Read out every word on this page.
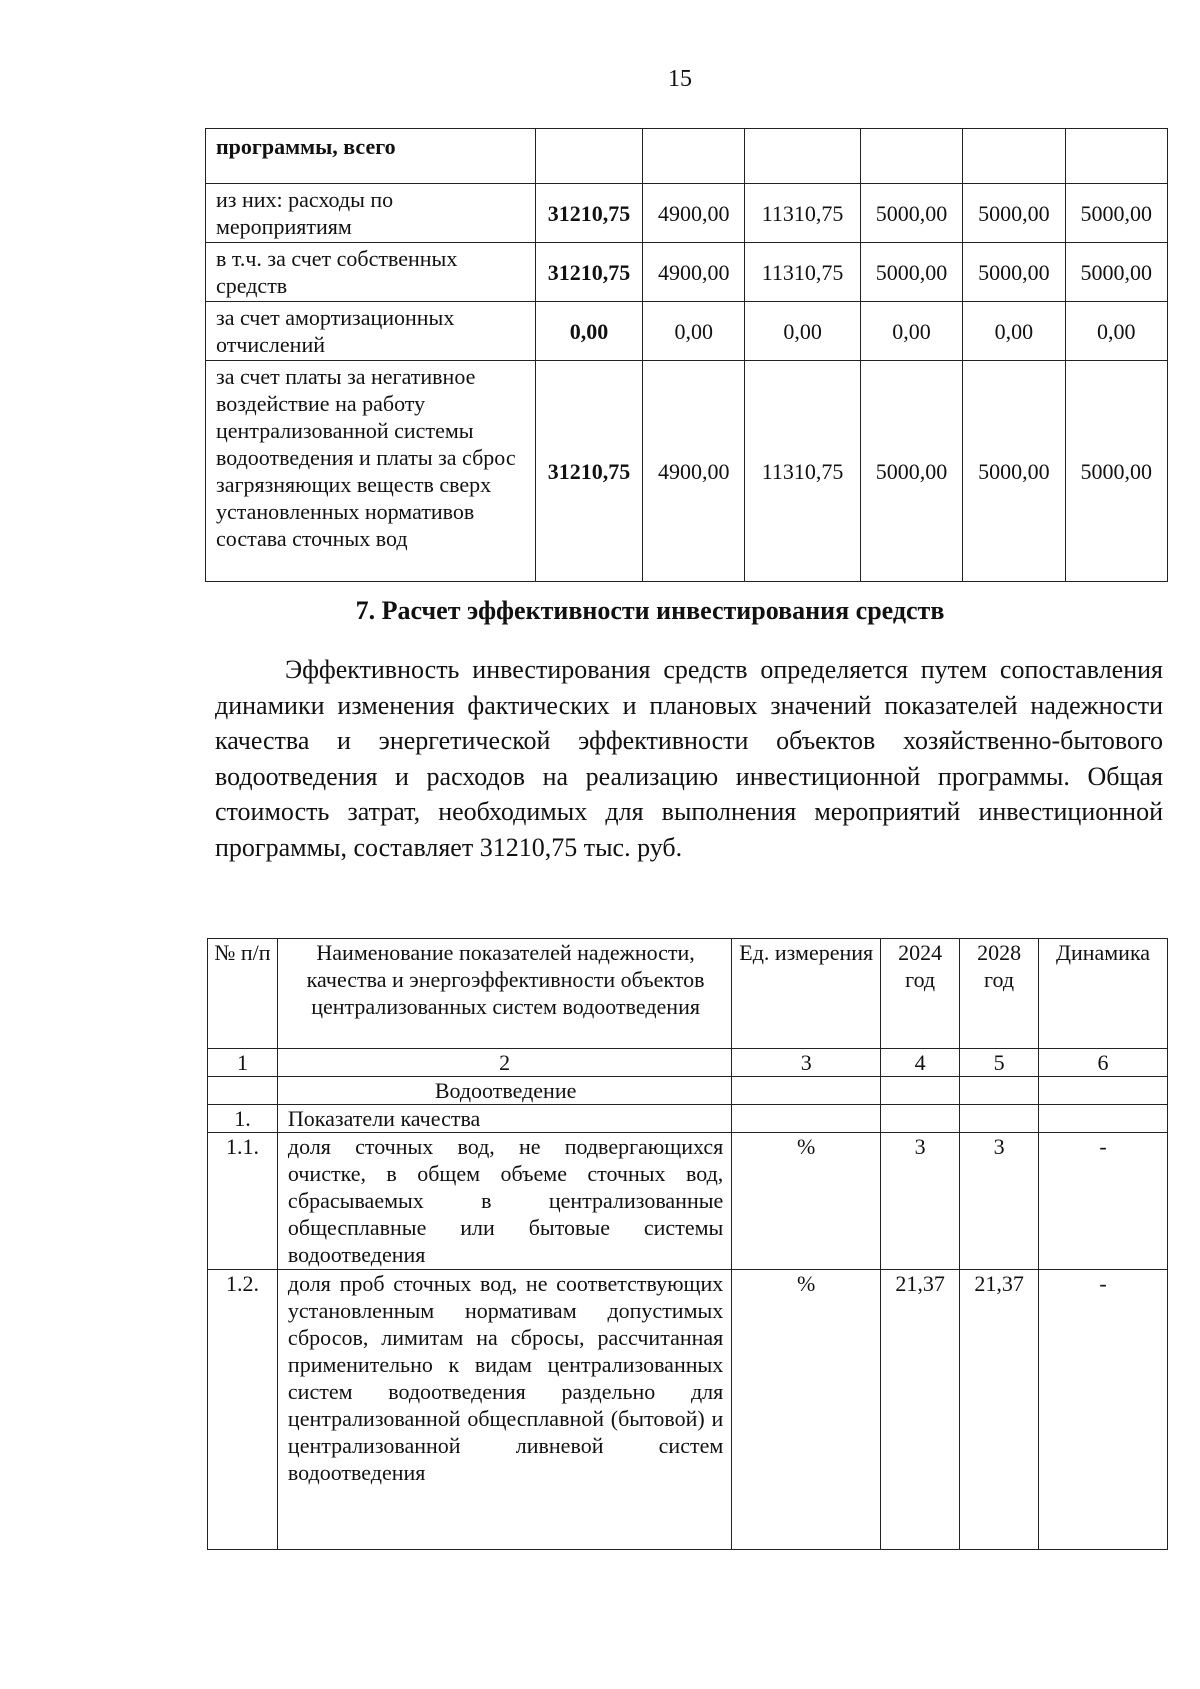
15
программы, всего						
из них: расходы по мероприятиям	31210,75	4900,00	11310,75	5000,00	5000,00	5000,00
в т.ч. за счет собственных средств	31210,75	4900,00	11310,75	5000,00	5000,00	5000,00
за счет амортизационных отчислений	0,00	0,00	0,00	0,00	0,00	0,00
за счет платы за негативное воздействие на работу централизованной системы водоотведения и платы за сброс загрязняющих веществ сверх установленных нормативов состава сточных вод	31210,75	4900,00	11310,75	5000,00	5000,00	5000,00
7. Расчет эффективности инвестирования средств

Эффективность инвестирования средств определяется путем сопоставления динамики изменения фактических и плановых значений показателей надежности качества и энергетической эффективности объектов хозяйственно-бытового водоотведения и расходов на реализацию инвестиционной программы. Общая стоимость затрат, необходимых для выполнения мероприятий инвестиционной программы, составляет 31210,75 тыс. руб.

№ п/п	Наименование показателей надежности, качества и энергоэффективности объектов централизованных систем водоотведения	Ед. измерения	2024 год	2028 год	Динамика
1	2	3	4	5	6
	Водоотведение				
1.	Показатели качества				
1.1.	доля сточных вод, не подвергающихся очистке, в общем объеме сточных вод, сбрасываемых в централизованные общесплавные или бытовые системы водоотведения	%	3	3	-
1.2.	доля проб сточных вод, не соответствующих установленным нормативам допустимых сбросов, лимитам на сбросы, рассчитанная применительно к видам централизованных систем водоотведения раздельно для централизованной общесплавной (бытовой) и централизованной ливневой систем водоотведения	%	21,37	21,37	-
